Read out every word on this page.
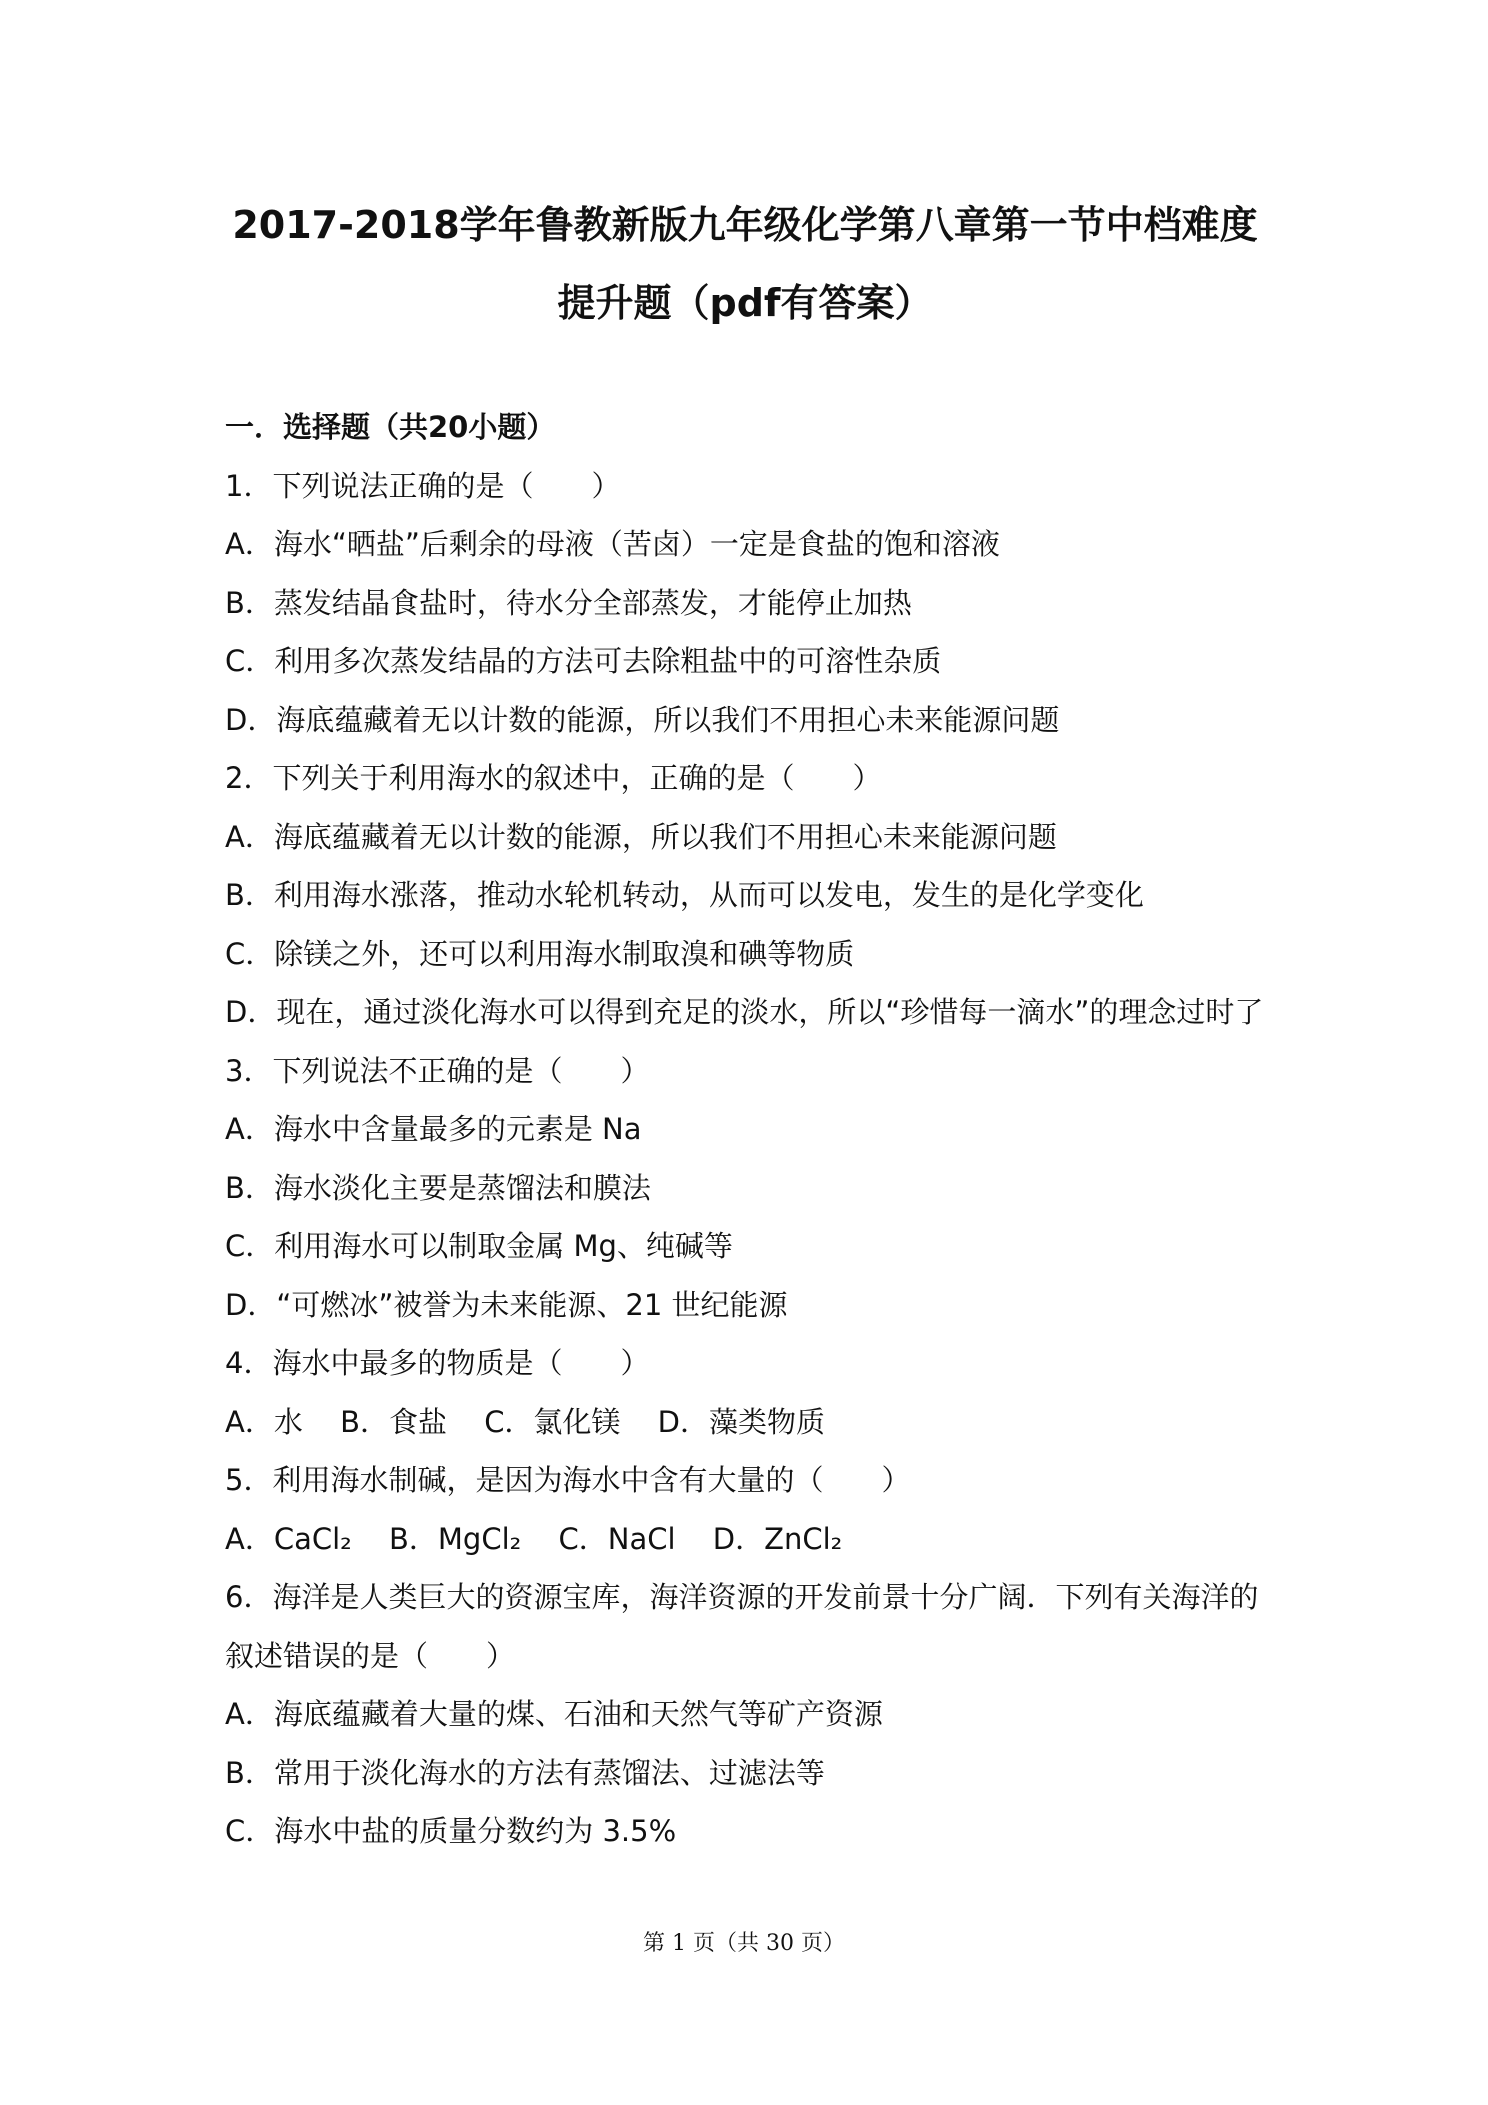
2017-2018学年鲁教新版九年级化学第八章第一节中档难度提升题（pdf有答案）
一．选择题（共20小题）
1．下列说法正确的是（　　）
A．海水“晒盐”后剩余的母液（苦卤）一定是食盐的饱和溶液
B．蒸发结晶食盐时，待水分全部蒸发，才能停止加热
C．利用多次蒸发结晶的方法可去除粗盐中的可溶性杂质
D．海底蕴藏着无以计数的能源，所以我们不用担心未来能源问题
2．下列关于利用海水的叙述中，正确的是（　　）
A．海底蕴藏着无以计数的能源，所以我们不用担心未来能源问题
B．利用海水涨落，推动水轮机转动，从而可以发电，发生的是化学变化
C．除镁之外，还可以利用海水制取溴和碘等物质
D．现在，通过淡化海水可以得到充足的淡水，所以“珍惜每一滴水”的理念过时了
3．下列说法不正确的是（　　）
A．海水中含量最多的元素是 Na
B．海水淡化主要是蒸馏法和膜法
C．利用海水可以制取金属 Mg、纯碱等
D．“可燃冰”被誉为未来能源、21 世纪能源
4．海水中最多的物质是（　　）
A．水 B．食盐 C．氯化镁 D．藻类物质
5．利用海水制碱，是因为海水中含有大量的（　　）
A．CaCl₂ B．MgCl₂ C．NaCl D．ZnCl₂
6．海洋是人类巨大的资源宝库，海洋资源的开发前景十分广阔．下列有关海洋的叙述错误的是（　　）
A．海底蕴藏着大量的煤、石油和天然气等矿产资源
B．常用于淡化海水的方法有蒸馏法、过滤法等
C．海水中盐的质量分数约为 3.5%
第 1 页（共 30 页）
